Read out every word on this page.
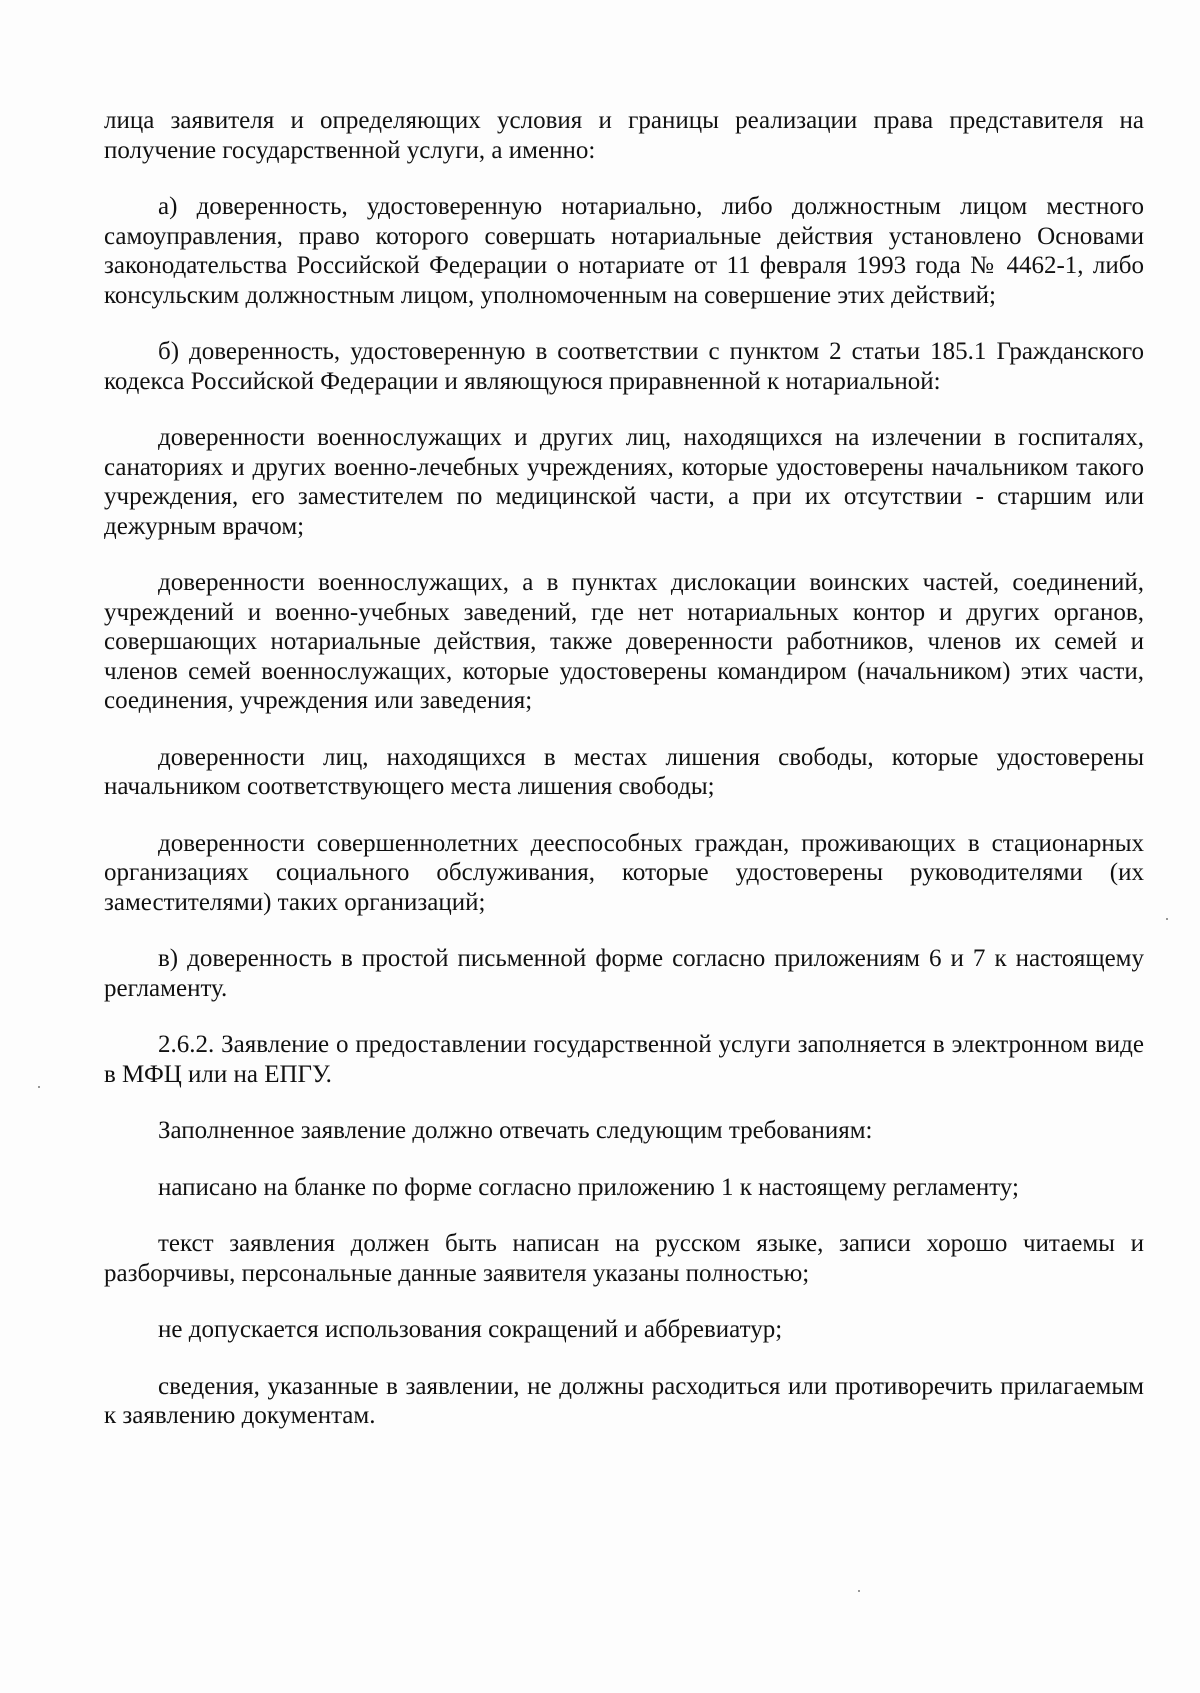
лица заявителя и определяющих условия и границы реализации права представителя на получение государственной услуги, а именно:

а) доверенность, удостоверенную нотариально, либо должностным лицом местного самоуправления, право которого совершать нотариальные действия установлено Основами законодательства Российской Федерации о нотариате от 11 февраля 1993 года № 4462-1, либо консульским должностным лицом, уполномоченным на совершение этих действий;

б) доверенность, удостоверенную в соответствии с пунктом 2 статьи 185.1 Гражданского кодекса Российской Федерации и являющуюся приравненной к нотариальной:

доверенности военнослужащих и других лиц, находящихся на излечении в госпиталях, санаториях и других военно-лечебных учреждениях, которые удостоверены начальником такого учреждения, его заместителем по медицинской части, а при их отсутствии - старшим или дежурным врачом;

доверенности военнослужащих, а в пунктах дислокации воинских частей, соединений, учреждений и военно-учебных заведений, где нет нотариальных контор и других органов, совершающих нотариальные действия, также доверенности работников, членов их семей и членов семей военнослужащих, которые удостоверены командиром (начальником) этих части, соединения, учреждения или заведения;

доверенности лиц, находящихся в местах лишения свободы, которые удостоверены начальником соответствующего места лишения свободы;

доверенности совершеннолетних дееспособных граждан, проживающих в стационарных организациях социального обслуживания, которые удостоверены руководителями (их заместителями) таких организаций;

в) доверенность в простой письменной форме согласно приложениям 6 и 7 к настоящему регламенту.

2.6.2. Заявление о предоставлении государственной услуги заполняется в электронном виде в МФЦ или на ЕПГУ.

Заполненное заявление должно отвечать следующим требованиям:

написано на бланке по форме согласно приложению 1 к настоящему регламенту;

текст заявления должен быть написан на русском языке, записи хорошо читаемы и разборчивы, персональные данные заявителя указаны полностью;

не допускается использования сокращений и аббревиатур;

сведения, указанные в заявлении, не должны расходиться или противоречить прилагаемым к заявлению документам.
